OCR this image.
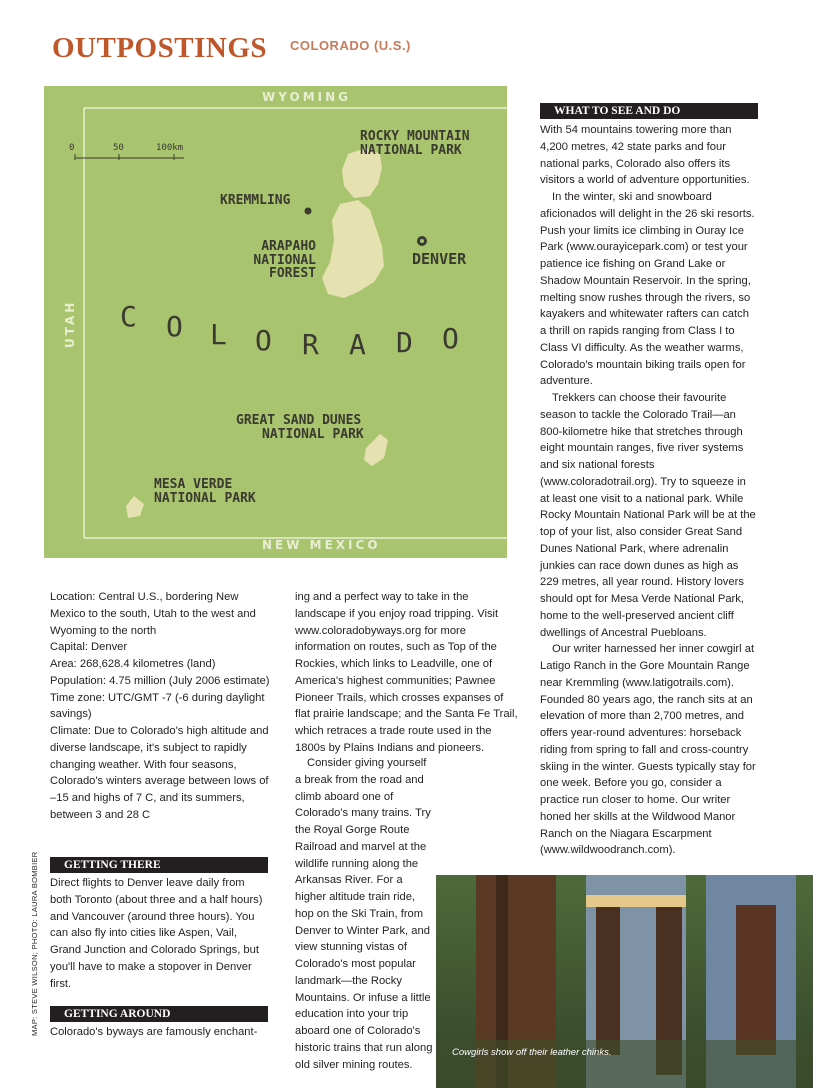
OUTPOSTINGS COLORADO (U.S.)
WYOMING
NEW MEXICO
UTAH
0	50	100km
ROCKY MOUNTAIN
NATIONAL PARK
KREMMLING
ARAPAHO
NATIONAL
FOREST
DENVER
GREAT SAND DUNES
NATIONAL PARK
MESA VERDE
NATIONAL PARK
C O L O R A D O
WHAT TO SEE AND DO

With 54 mountains towering more than 4,200 metres, 42 state parks and four national parks, Colorado also offers its visitors a world of adventure opportunities.

In the winter, ski and snowboard aficionados will delight in the 26 ski resorts. Push your limits ice climbing in Ouray Ice Park (www.ourayicepark.com) or test your patience ice fishing on Grand Lake or Shadow Mountain Reservoir. In the spring, melting snow rushes through the rivers, so kayakers and whitewater rafters can catch a thrill on rapids ranging from Class I to Class VI difficulty. As the weather warms, Colorado's mountain biking trails open for adventure.

Trekkers can choose their favourite season to tackle the Colorado Trail—an 800-kilometre hike that stretches through eight mountain ranges, five river systems and six national forests (www.coloradotrail.org). Try to squeeze in at least one visit to a national park. While Rocky Mountain National Park will be at the top of your list, also consider Great Sand Dunes National Park, where adrenalin junkies can race down dunes as high as 229 metres, all year round. History lovers should opt for Mesa Verde National Park, home to the well-preserved ancient cliff dwellings of Ancestral Puebloans.

Our writer harnessed her inner cowgirl at Latigo Ranch in the Gore Mountain Range near Kremmling (www.latigotrails.com). Founded 80 years ago, the ranch sits at an elevation of more than 2,700 metres, and offers year-round adventures: horseback riding from spring to fall and cross-country skiing in the winter. Guests typically stay for one week. Before you go, consider a practice run closer to home. Our writer honed her skills at the Wildwood Manor Ranch on the Niagara Escarpment (www.wildwoodranch.com).

Location: Central U.S., bordering New Mexico to the south, Utah to the west and Wyoming to the north

Capital: Denver

Area: 268,628.4 kilometres (land)

Population: 4.75 million (July 2006 estimate)

Time zone: UTC/GMT -7 (-6 during daylight savings)

Climate: Due to Colorado's high altitude and diverse landscape, it's subject to rapidly changing weather. With four seasons, Colorado's winters average between lows of –15 and highs of 7 C, and its summers, between 3 and 28 C

GETTING THERE
Direct flights to Denver leave daily from both Toronto (about three and a half hours) and Vancouver (around three hours). You can also fly into cities like Aspen, Vail, Grand Junction and Colorado Springs, but you'll have to make a stopover in Denver first.
GETTING AROUND
Colorado's byways are famously enchant-

ing and a perfect way to take in the landscape if you enjoy road tripping. Visit www.coloradobyways.org for more information on routes, such as Top of the Rockies, which links to Leadville, one of America's highest communities; Pawnee Pioneer Trails, which crosses expanses of flat prairie landscape; and the Santa Fe Trail, which retraces a trade route used in the 1800s by Plains Indians and pioneers.

Consider giving yourself a break from the road and climb aboard one of Colorado's many trains. Try the Royal Gorge Route Railroad and marvel at the wildlife running along the Arkansas River. For a higher altitude train ride, hop on the Ski Train, from Denver to Winter Park, and view stunning vistas of Colorado's most popular landmark—the Rocky Mountains. Or infuse a little education into your trip aboard one of Colorado's historic trains that run along old silver mining routes.

MAP: STEVE WILSON; PHOTO: LAURA BOMBIER
Cowgirls show off their leather chinks.
